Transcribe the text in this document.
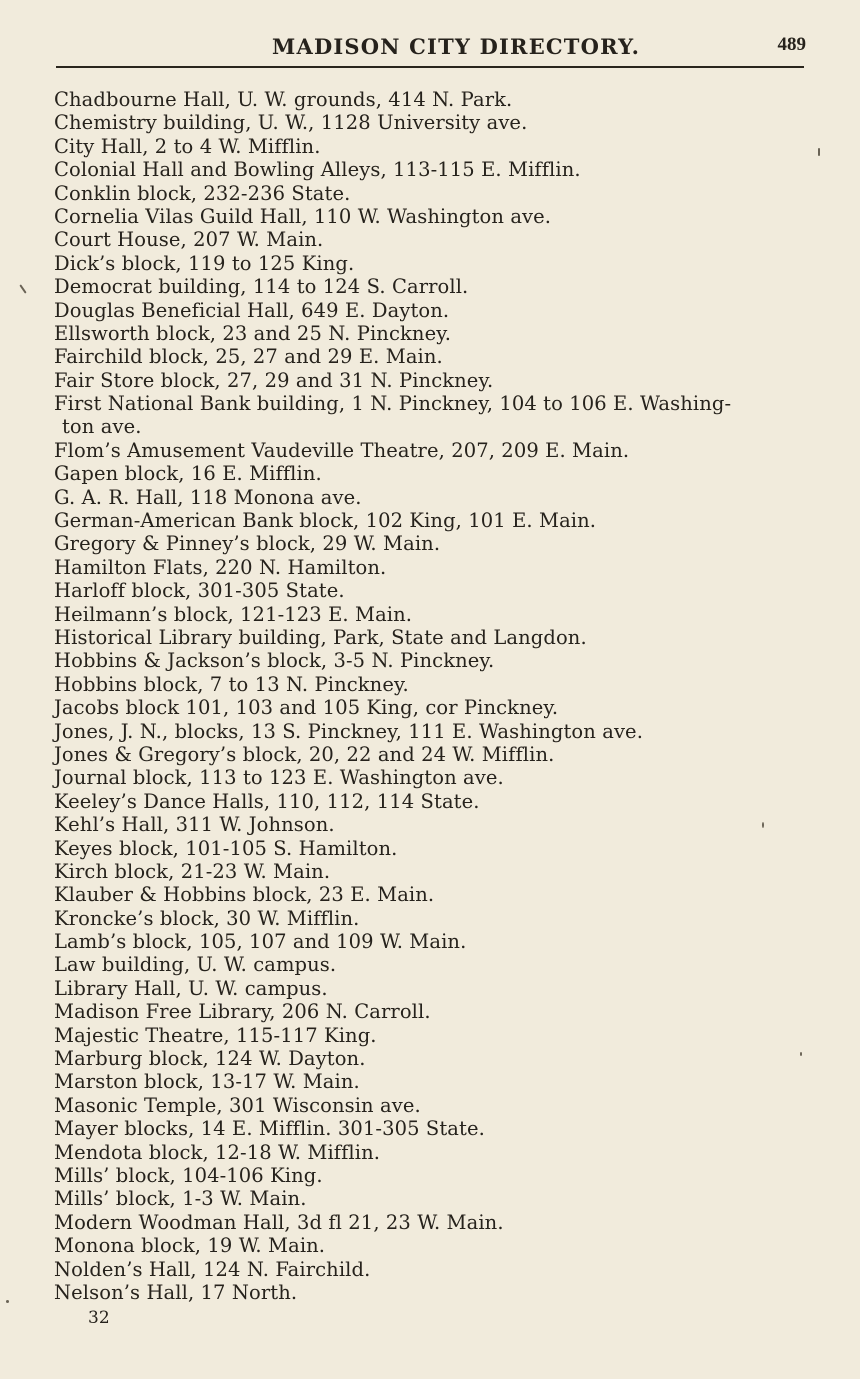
MADISON CITY DIRECTORY.	489
Chadbourne Hall, U. W. grounds, 414 N. Park.
Chemistry building, U. W., 1128 University ave.
City Hall, 2 to 4 W. Mifflin.
Colonial Hall and Bowling Alleys, 113-115 E. Mifflin.
Conklin block, 232-236 State.
Cornelia Vilas Guild Hall, 110 W. Washington ave.
Court House, 207 W. Main.
Dick’s block, 119 to 125 King.
Democrat building, 114 to 124 S. Carroll.
Douglas Beneficial Hall, 649 E. Dayton.
Ellsworth block, 23 and 25 N. Pinckney.
Fairchild block, 25, 27 and 29 E. Main.
Fair Store block, 27, 29 and 31 N. Pinckney.
First National Bank building, 1 N. Pinckney, 104 to 106 E. Washing-
ton ave.
Flom’s Amusement Vaudeville Theatre, 207, 209 E. Main.
Gapen block, 16 E. Mifflin.
G. A. R. Hall, 118 Monona ave.
German-American Bank block, 102 King, 101 E. Main.
Gregory & Pinney’s block, 29 W. Main.
Hamilton Flats, 220 N. Hamilton.
Harloff block, 301-305 State.
Heilmann’s block, 121-123 E. Main.
Historical Library building, Park, State and Langdon.
Hobbins & Jackson’s block, 3-5 N. Pinckney.
Hobbins block, 7 to 13 N. Pinckney.
Jacobs block 101, 103 and 105 King, cor Pinckney.
Jones, J. N., blocks, 13 S. Pinckney, 111 E. Washington ave.
Jones & Gregory’s block, 20, 22 and 24 W. Mifflin.
Journal block, 113 to 123 E. Washington ave.
Keeley’s Dance Halls, 110, 112, 114 State.
Kehl’s Hall, 311 W. Johnson.
Keyes block, 101-105 S. Hamilton.
Kirch block, 21-23 W. Main.
Klauber & Hobbins block, 23 E. Main.
Kroncke’s block, 30 W. Mifflin.
Lamb’s block, 105, 107 and 109 W. Main.
Law building, U. W. campus.
Library Hall, U. W. campus.
Madison Free Library, 206 N. Carroll.
Majestic Theatre, 115-117 King.
Marburg block, 124 W. Dayton.
Marston block, 13-17 W. Main.
Masonic Temple, 301 Wisconsin ave.
Mayer blocks, 14 E. Mifflin. 301-305 State.
Mendota block, 12-18 W. Mifflin.
Mills’ block, 104-106 King.
Mills’ block, 1-3 W. Main.
Modern Woodman Hall, 3d fl 21, 23 W. Main.
Monona block, 19 W. Main.
Nolden’s Hall, 124 N. Fairchild.
Nelson’s Hall, 17 North.
32
